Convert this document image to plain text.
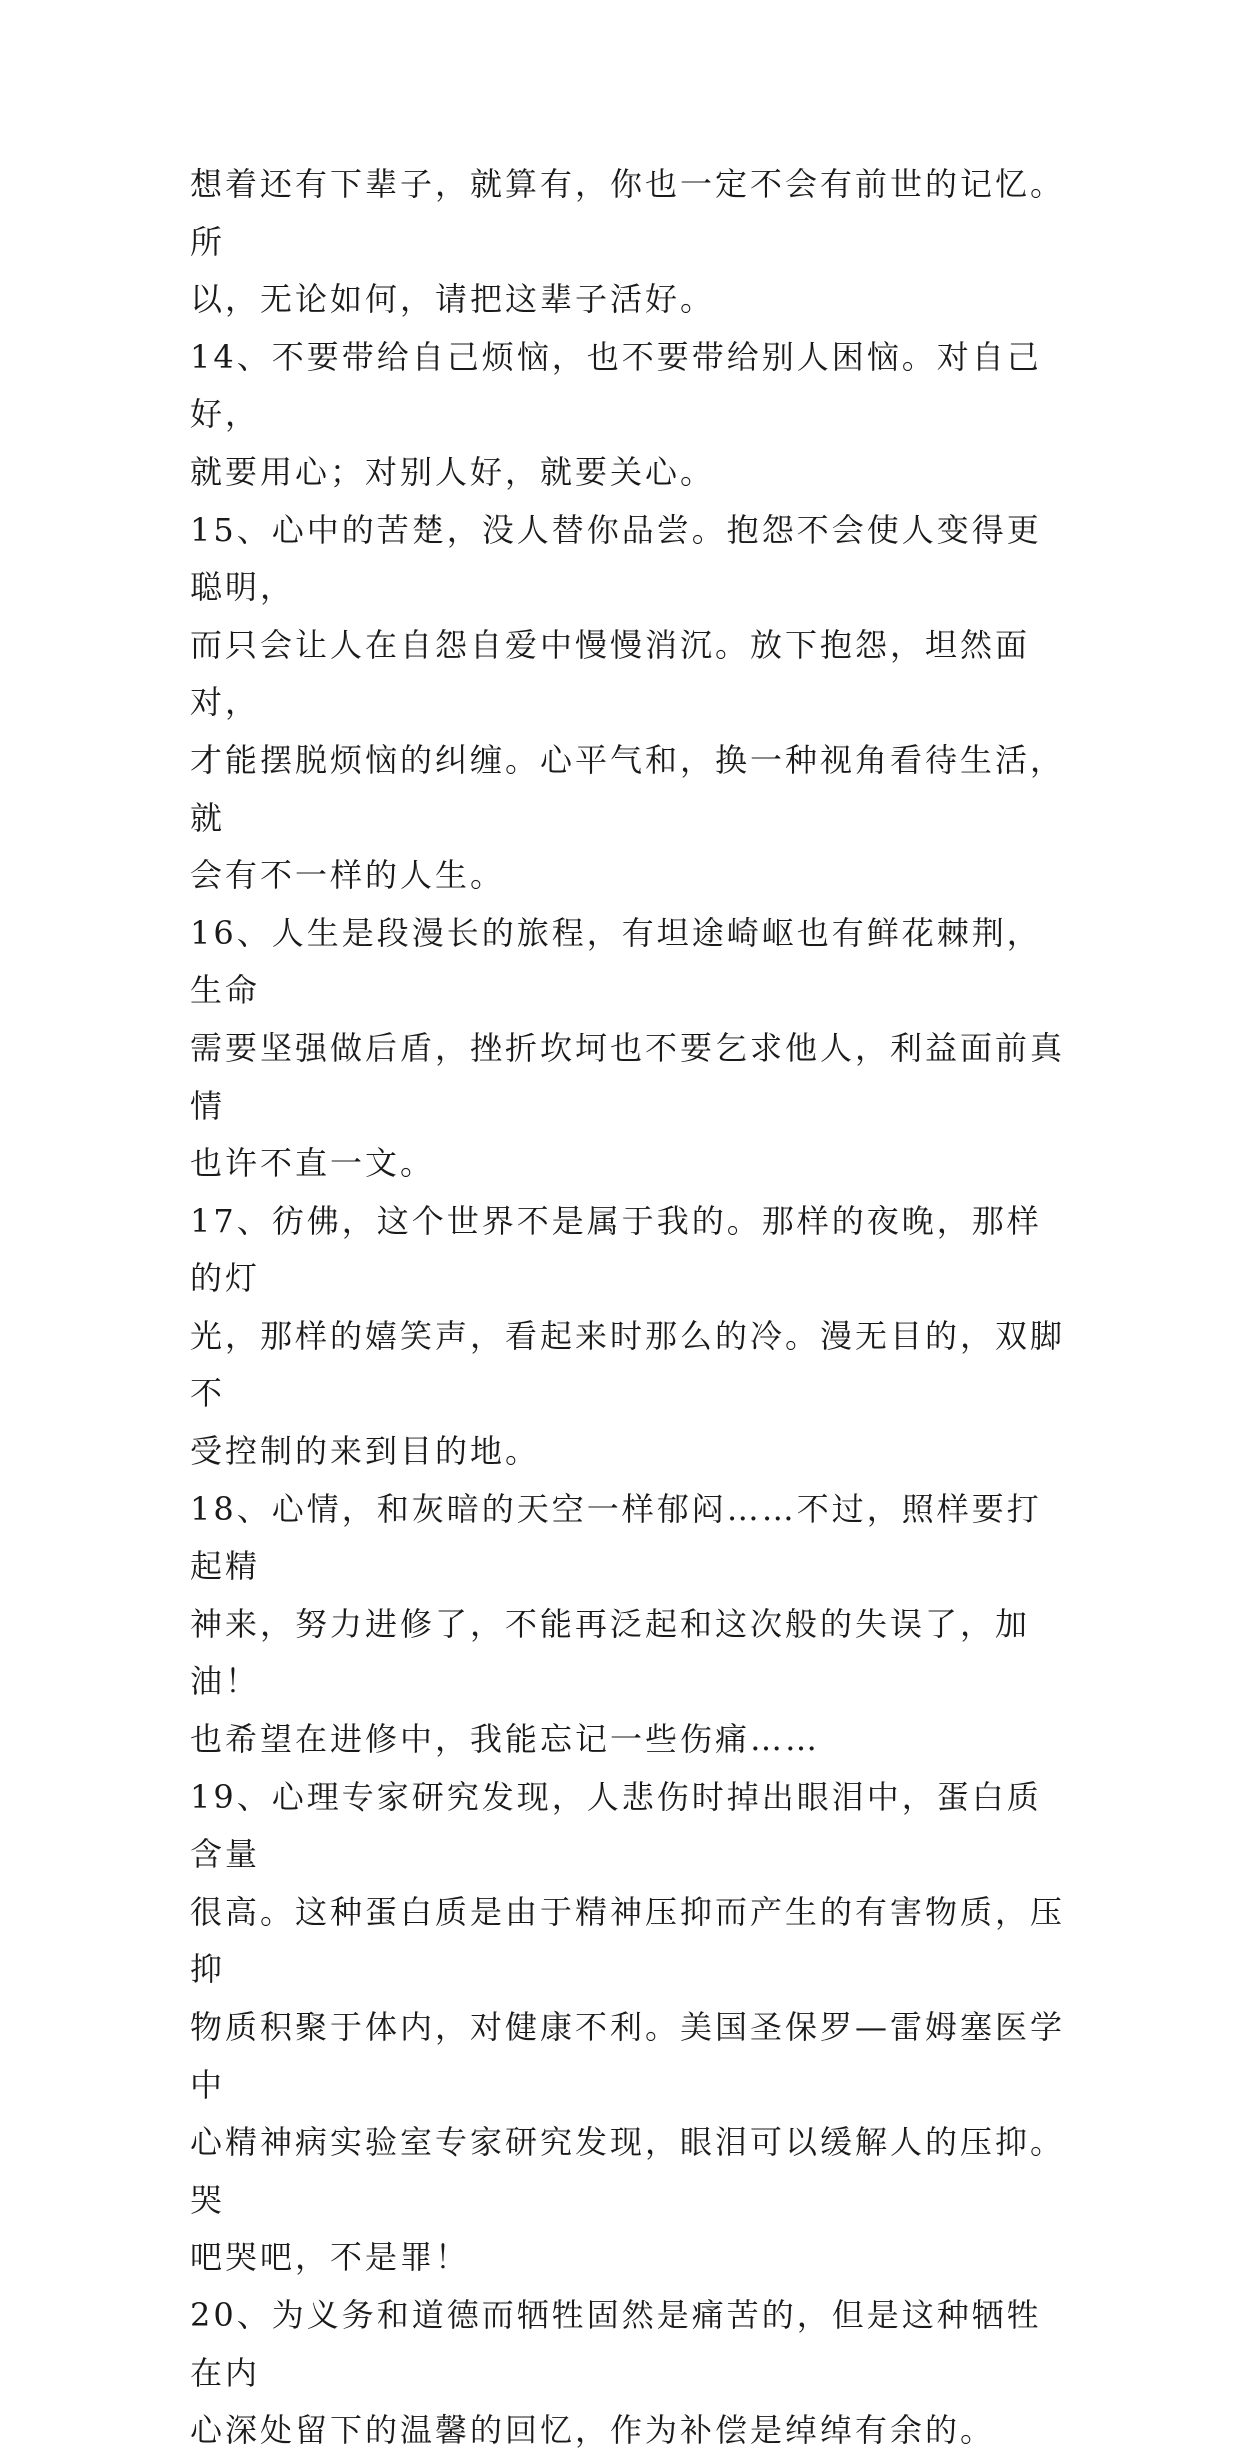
想着还有下辈子，就算有，你也一定不会有前世的记忆。所
以，无论如何，请把这辈子活好。
14、不要带给自己烦恼，也不要带给别人困恼。对自己好，
就要用心；对别人好，就要关心。
15、心中的苦楚，没人替你品尝。抱怨不会使人变得更聪明，
而只会让人在自怨自爱中慢慢消沉。放下抱怨，坦然面对，
才能摆脱烦恼的纠缠。心平气和，换一种视角看待生活，就
会有不一样的人生。
16、人生是段漫长的旅程，有坦途崎岖也有鲜花棘荆，生命
需要坚强做后盾，挫折坎坷也不要乞求他人，利益面前真情
也许不直一文。
17、彷佛，这个世界不是属于我的。那样的夜晚，那样的灯
光，那样的嬉笑声，看起来时那么的冷。漫无目的，双脚不
受控制的来到目的地。
18、心情，和灰暗的天空一样郁闷……不过，照样要打起精
神来，努力进修了，不能再泛起和这次般的失误了，加油！
也希望在进修中，我能忘记一些伤痛……
19、心理专家研究发现，人悲伤时掉出眼泪中，蛋白质含量
很高。这种蛋白质是由于精神压抑而产生的有害物质，压抑
物质积聚于体内，对健康不利。美国圣保罗—雷姆塞医学中
心精神病实验室专家研究发现，眼泪可以缓解人的压抑。哭
吧哭吧，不是罪！
20、为义务和道德而牺牲固然是痛苦的，但是这种牺牲在内
心深处留下的温馨的回忆，作为补偿是绰绰有余的。
